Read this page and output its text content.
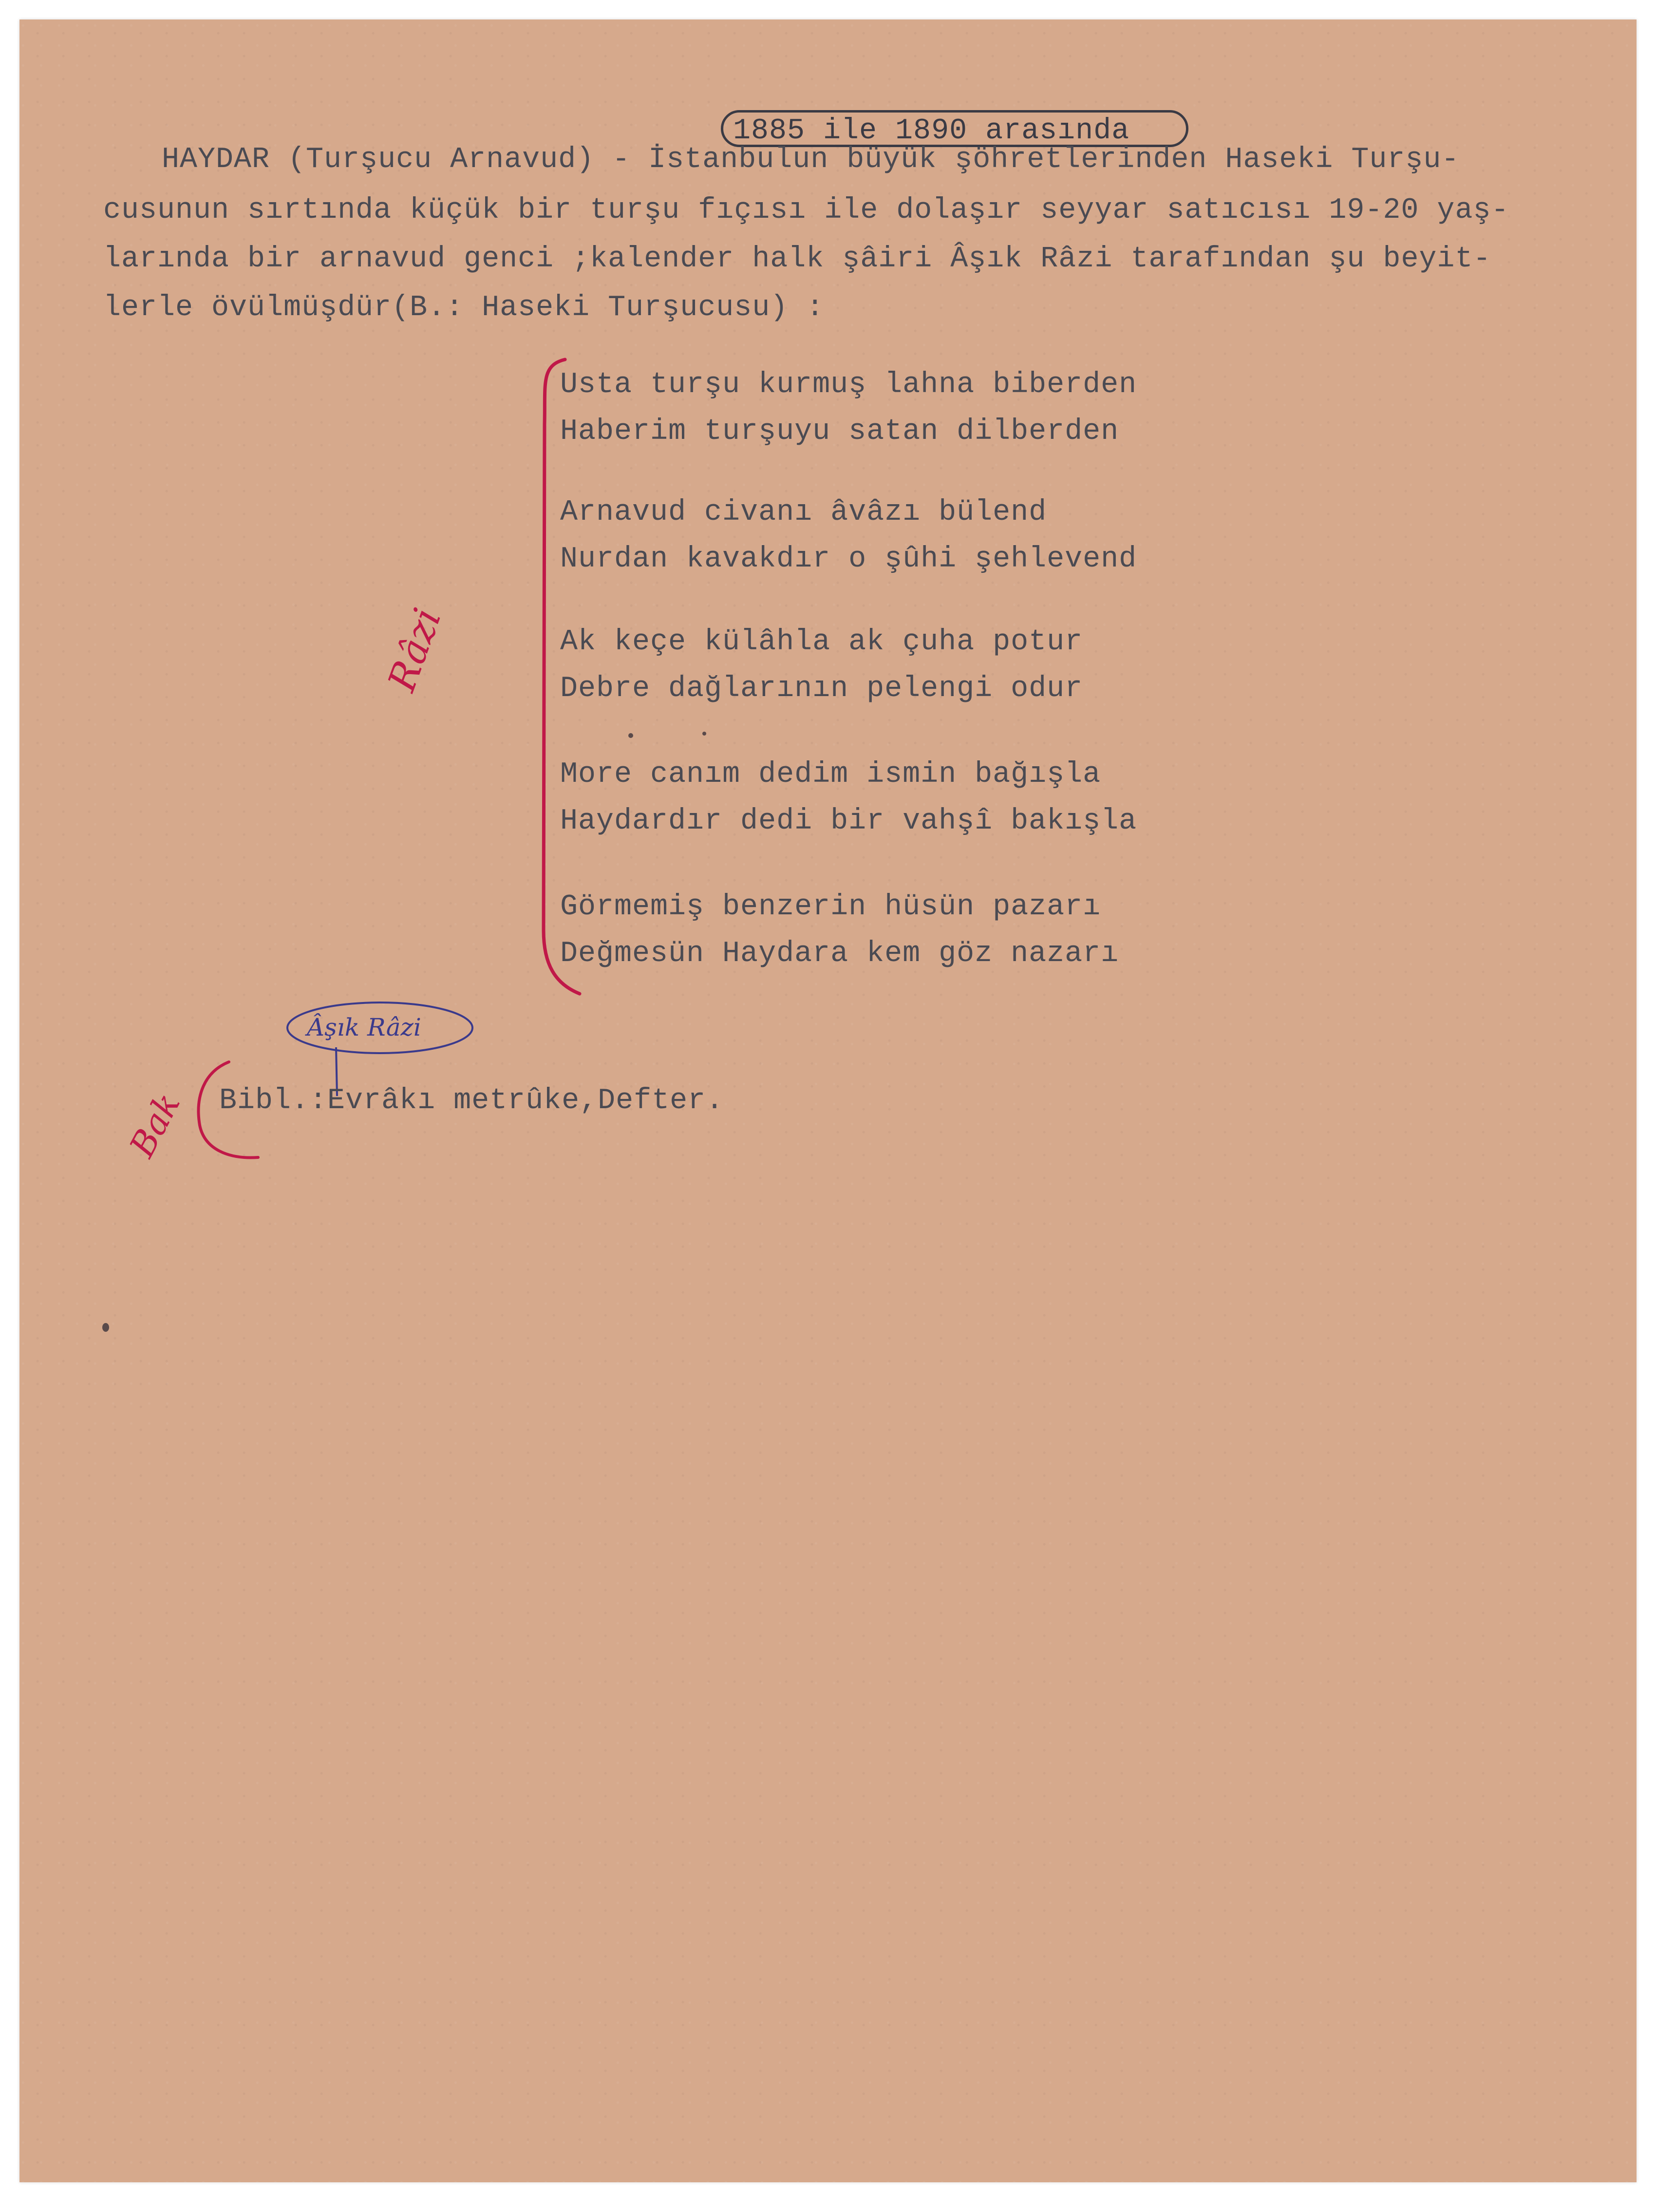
1885 ile 1890 arasında
HAYDAR (Turşucu Arnavud) - İstanbulun büyük şöhretlerinden Haseki Turşu-
cusunun sırtında küçük bir turşu fıçısı ile dolaşır seyyar satıcısı 19-20 yaş-
larında bir arnavud genci ;kalender halk şâiri Âşık Râzi tarafından şu beyit-
lerle övülmüşdür(B.: Haseki Turşucusu) :
Usta turşu kurmuş lahna biberden
Haberim turşuyu satan dilberden
Arnavud civanı âvâzı bülend
Nurdan kavakdır o şûhi şehlevend
Ak keçe külâhla ak çuha potur
Debre dağlarının pelengi odur
More canım dedim ismin bağışla
Haydardır dedi bir vahşî bakışla
Görmemiş benzerin hüsün pazarı
Değmesün Haydara kem göz nazarı
Râzi
Âşık Râzi
Bak Bibl.:Evrâkı metrûke,Defter.
